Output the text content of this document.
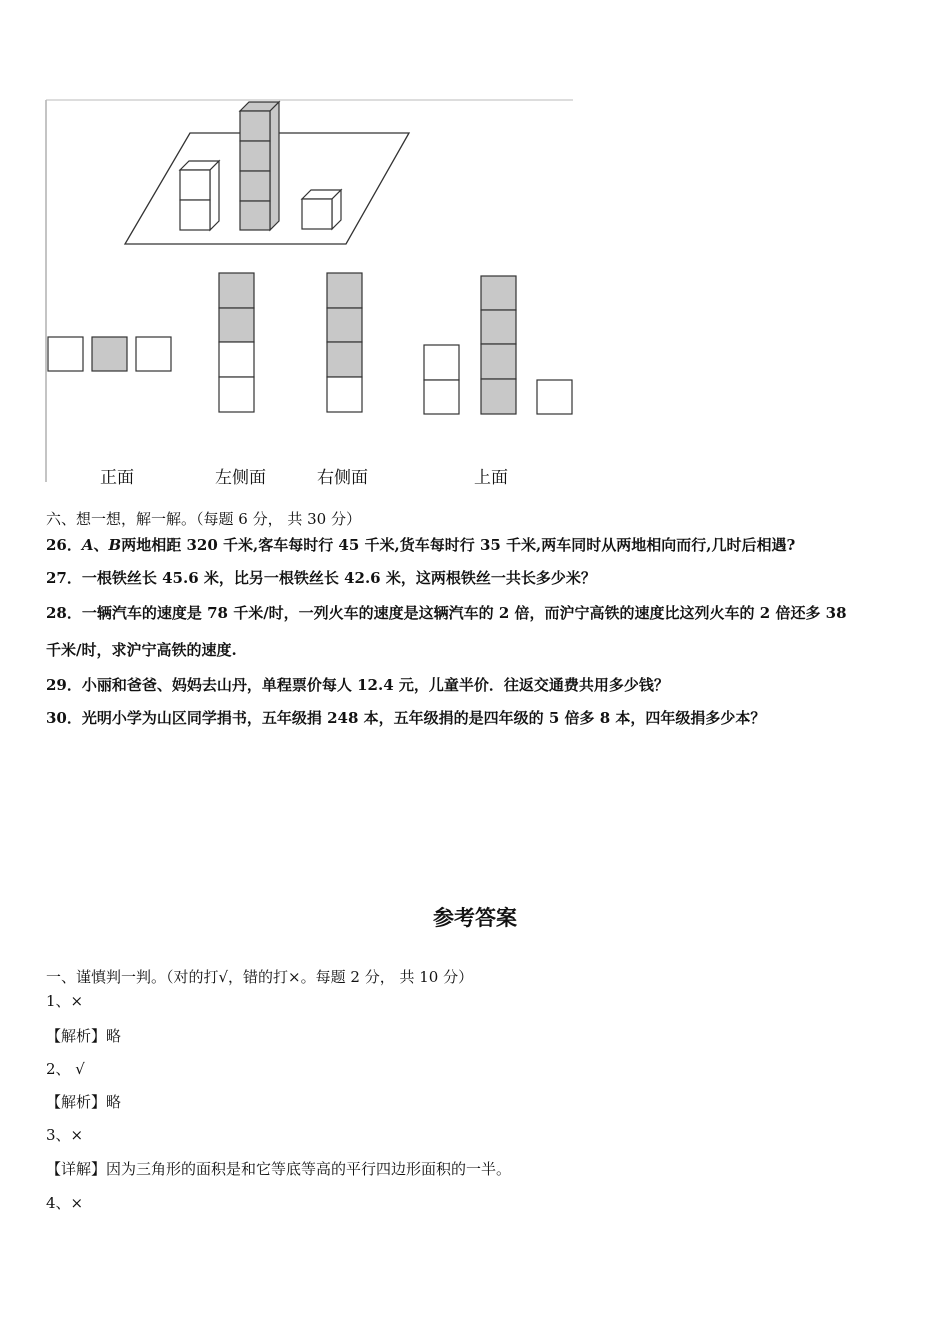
正面	左侧面	右侧面	上面
六、想一想，解一解。（每题 6 分， 共 30 分）
26．A、B两地相距 320 千米,客车每时行 45 千米,货车每时行 35 千米,两车同时从两地相向而行,几时后相遇?
27．一根铁丝长 45.6 米，比另一根铁丝长 42.6 米，这两根铁丝一共长多少米？
28．一辆汽车的速度是 78 千米/时，一列火车的速度是这辆汽车的 2 倍，而沪宁高铁的速度比这列火车的 2 倍还多 38
千米/时，求沪宁高铁的速度.
29．小丽和爸爸、妈妈去山丹，单程票价每人 12.4 元，儿童半价．往返交通费共用多少钱？
30．光明小学为山区同学捐书，五年级捐 248 本，五年级捐的是四年级的 5 倍多 8 本，四年级捐多少本？
参考答案
一、谨慎判一判。（对的打√，错的打×。每题 2 分， 共 10 分）
1、×
【解析】略
2、 √
【解析】略
3、×
【详解】因为三角形的面积是和它等底等高的平行四边形面积的一半。
4、×
